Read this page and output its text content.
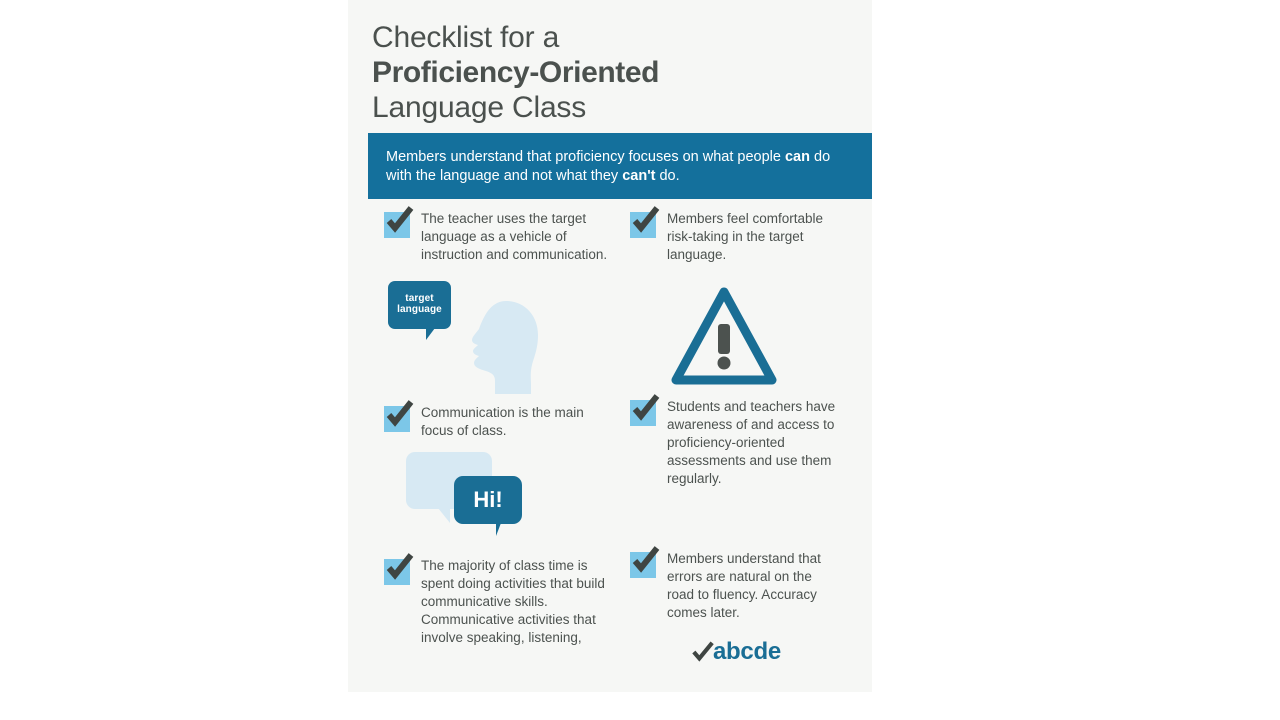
Checklist for a
Proficiency-Oriented
Language Class
Members understand that proficiency focuses on what people can do with the language and not what they can't do.
The teacher uses the target language as a vehicle of instruction and communication.
target
language
Communication is the main focus of class.
Hi!
The majority of class time is spent doing activities that build communicative skills. Communicative activities that involve speaking, listening,
Members feel comfortable risk-taking in the target language.
Students and teachers have awareness of and access to proficiency-oriented assessments and use them regularly.
Members understand that errors are natural on the road to fluency. Accuracy comes later.
abcde
